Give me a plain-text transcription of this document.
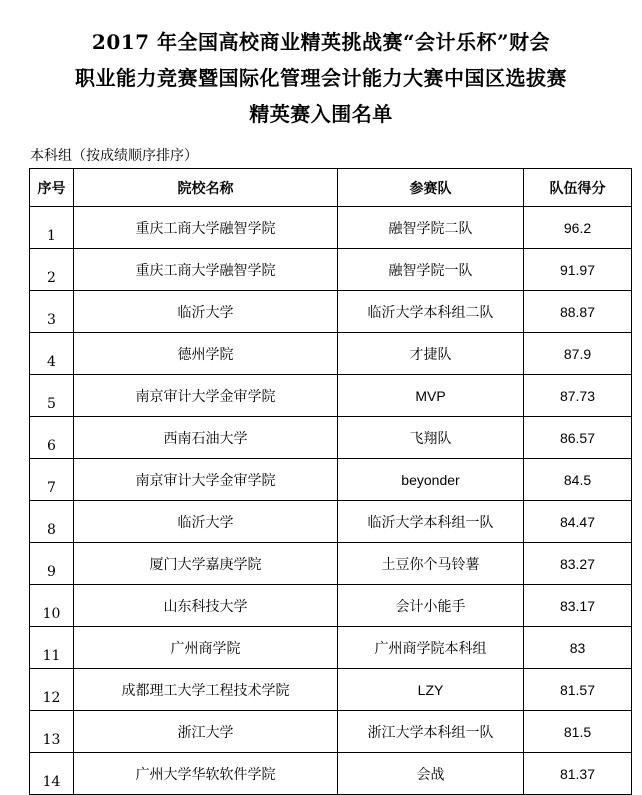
2017 年全国高校商业精英挑战赛“会计乐杯”财会
职业能力竞赛暨国际化管理会计能力大赛中国区选拔赛
精英赛入围名单
本科组（按成绩顺序排序）
序号	院校名称	参赛队	队伍得分
1	重庆工商大学融智学院	融智学院二队	96.2
2	重庆工商大学融智学院	融智学院一队	91.97
3	临沂大学	临沂大学本科组二队	88.87
4	德州学院	才捷队	87.9
5	南京审计大学金审学院	MVP	87.73
6	西南石油大学	飞翔队	86.57
7	南京审计大学金审学院	beyonder	84.5
8	临沂大学	临沂大学本科组一队	84.47
9	厦门大学嘉庚学院	土豆你个马铃薯	83.27
10	山东科技大学	会计小能手	83.17
11	广州商学院	广州商学院本科组	83
12	成都理工大学工程技术学院	LZY	81.57
13	浙江大学	浙江大学本科组一队	81.5
14	广州大学华软软件学院	会战	81.37
